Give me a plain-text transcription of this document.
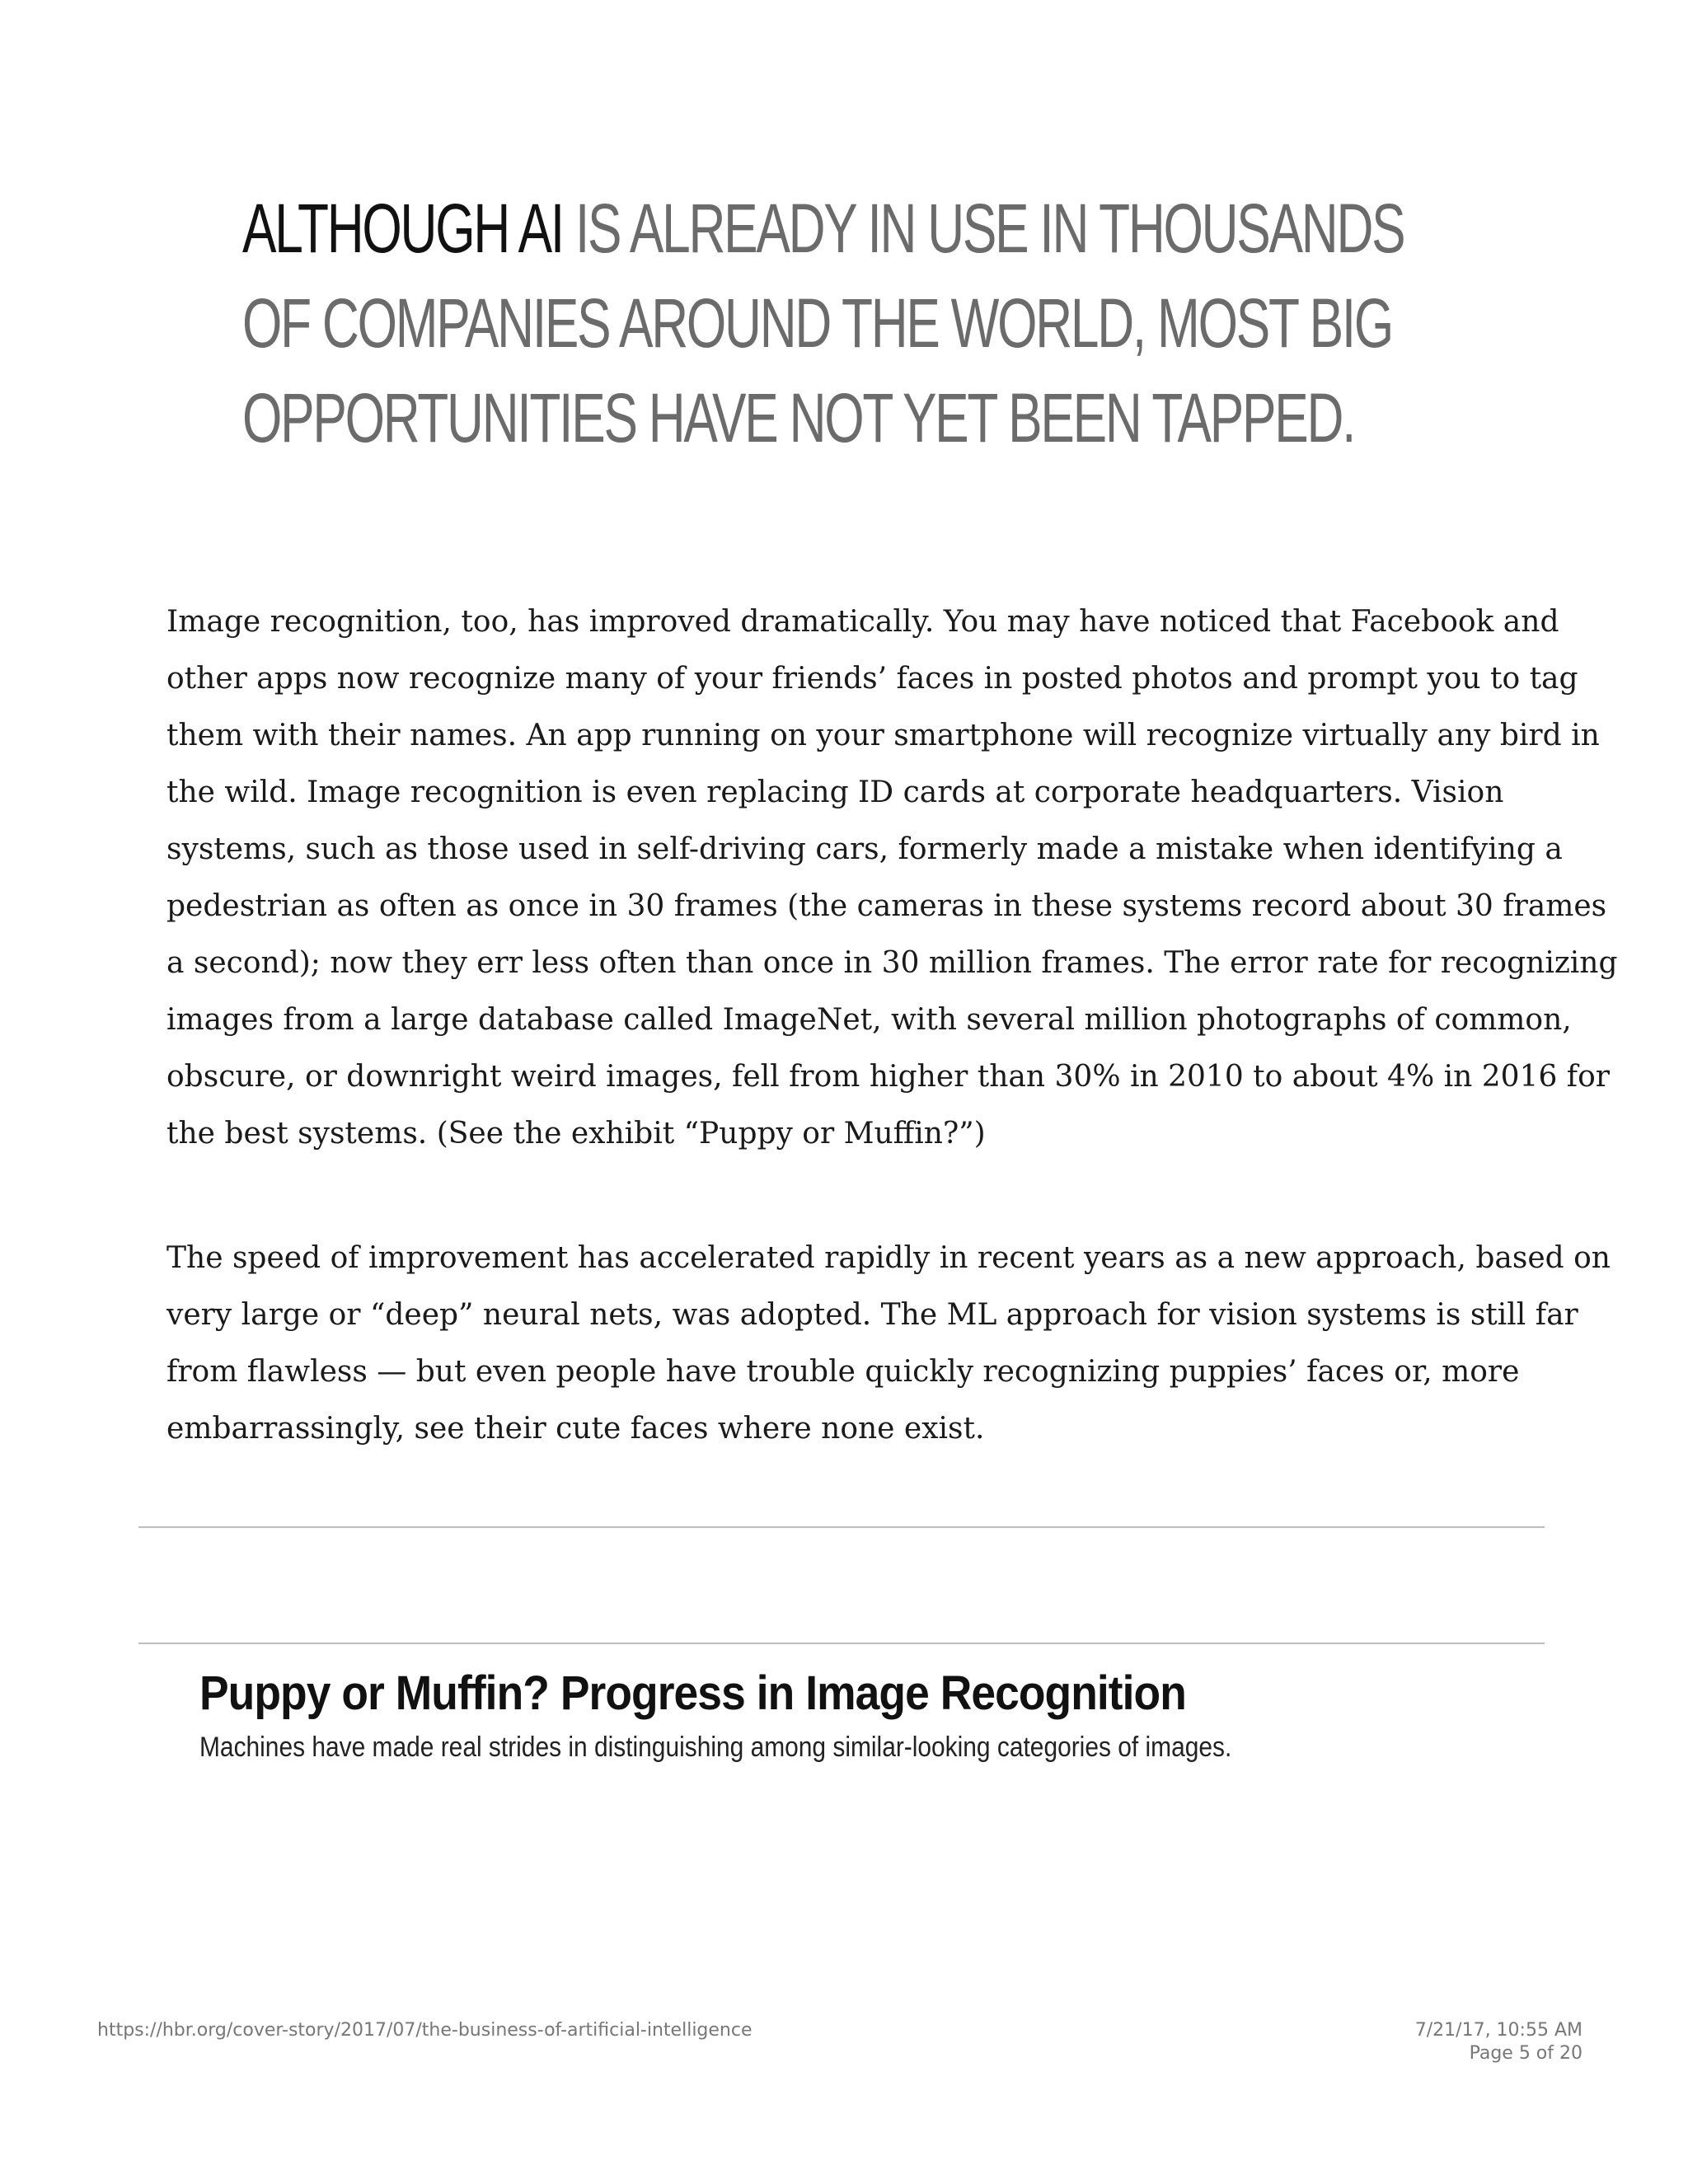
ALTHOUGH AI IS ALREADY IN USE IN THOUSANDS
OF COMPANIES AROUND THE WORLD, MOST BIG
OPPORTUNITIES HAVE NOT YET BEEN TAPPED.

Image recognition, too, has improved dramatically. You may have noticed that Facebook and
other apps now recognize many of your friends’ faces in posted photos and prompt you to tag
them with their names. An app running on your smartphone will recognize virtually any bird in
the wild. Image recognition is even replacing ID cards at corporate headquarters. Vision
systems, such as those used in self-driving cars, formerly made a mistake when identifying a
pedestrian as often as once in 30 frames (the cameras in these systems record about 30 frames
a second); now they err less often than once in 30 million frames. The error rate for recognizing
images from a large database called ImageNet, with several million photographs of common,
obscure, or downright weird images, fell from higher than 30% in 2010 to about 4% in 2016 for
the best systems. (See the exhibit “Puppy or Muffin?”)

The speed of improvement has accelerated rapidly in recent years as a new approach, based on
very large or “deep” neural nets, was adopted. The ML approach for vision systems is still far
from flawless — but even people have trouble quickly recognizing puppies’ faces or, more
embarrassingly, see their cute faces where none exist.

Puppy or Muffin? Progress in Image Recognition

Machines have made real strides in distinguishing among similar-looking categories of images.

https://hbr.org/cover-story/2017/07/the-business-of-artificial-intelligence	7/21/17, 10:55 AM
Page 5 of 20
